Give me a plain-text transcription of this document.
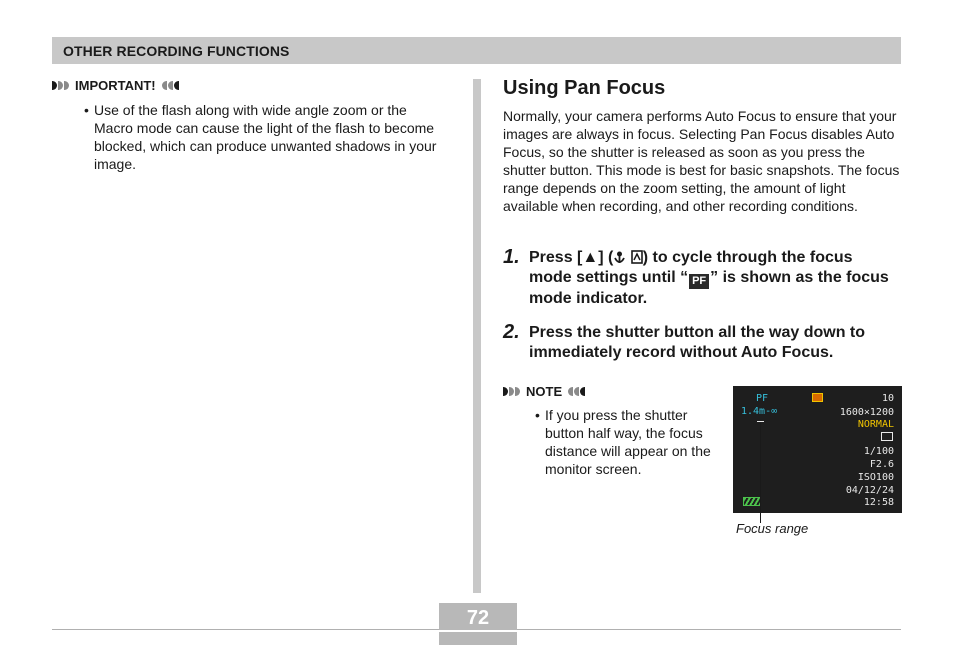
OTHER RECORDING FUNCTIONS
IMPORTANT!
• Use of the flash along with wide angle zoom or the Macro mode can cause the light of the flash to become blocked, which can produce unwanted shadows in your image.

Using Pan Focus

Normally, your camera performs Auto Focus to ensure that your images are always in focus. Selecting Pan Focus disables Auto Focus, so the shutter is released as soon as you press the shutter button. This mode is best for basic snapshots. The focus range depends on the zoom setting, the amount of light available when recording, and other recording conditions.

1. Press [▲] ( ) to cycle through the focus mode settings until “ PF ” is shown as the focus mode indicator.
2. Press the shutter button all the way down to immediately record without Auto Focus.
NOTE
• If you press the shutter button half way, the focus distance will appear on the monitor screen.

PF
1.4m-∞
10
1600×1200
NORMAL
1/100
F2.6
ISO100
04/12/24
12:58
Focus range
72
